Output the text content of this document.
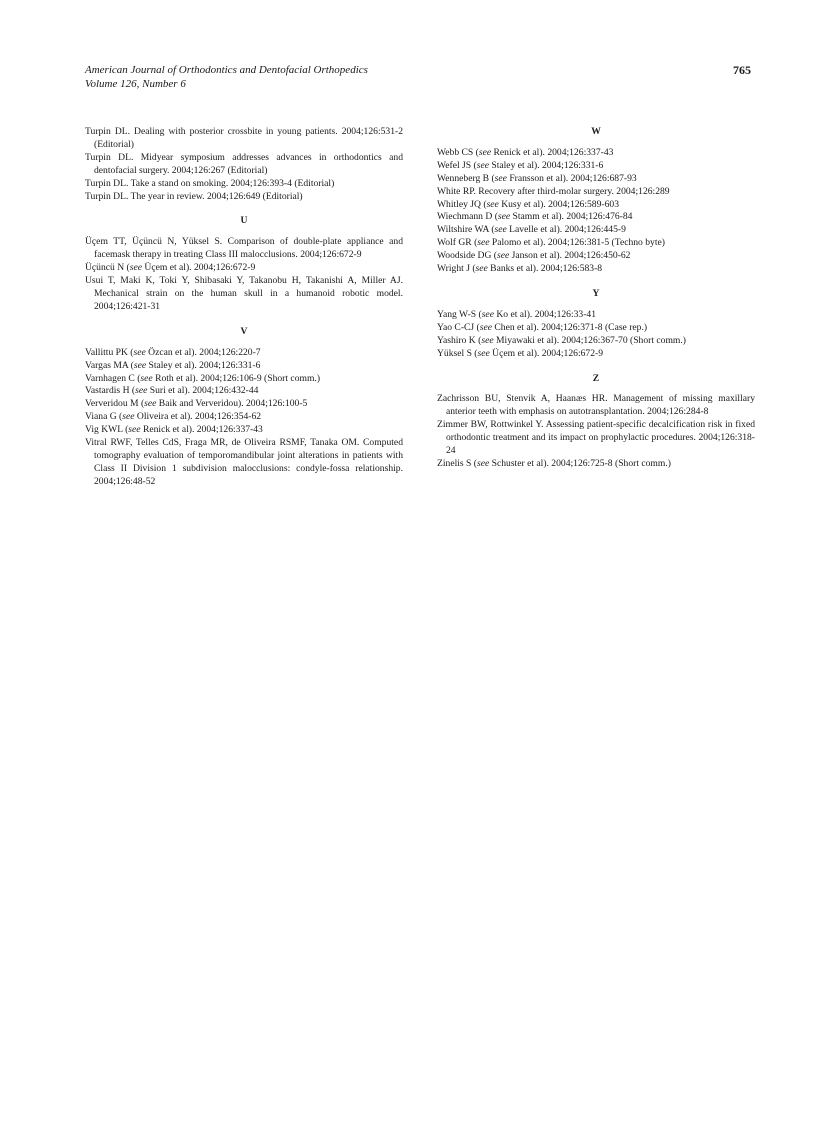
American Journal of Orthodontics and Dentofacial Orthopedics
Volume 126, Number 6
765

Turpin DL. Dealing with posterior crossbite in young patients. 2004;126:531-2 (Editorial)

Turpin DL. Midyear symposium addresses advances in orthodontics and dentofacial surgery. 2004;126:267 (Editorial)

Turpin DL. Take a stand on smoking. 2004;126:393-4 (Editorial)

Turpin DL. The year in review. 2004;126:649 (Editorial)

U

Üçem TT, Üçüncü N, Yüksel S. Comparison of double-plate appliance and facemask therapy in treating Class III malocclusions. 2004;126:672-9

Üçüncü N (see Üçem et al). 2004;126:672-9

Usui T, Maki K, Toki Y, Shibasaki Y, Takanobu H, Takanishi A, Miller AJ. Mechanical strain on the human skull in a humanoid robotic model. 2004;126:421-31

V

Vallittu PK (see Özcan et al). 2004;126:220-7

Vargas MA (see Staley et al). 2004;126:331-6

Varnhagen C (see Roth et al). 2004;126:106-9 (Short comm.)

Vastardis H (see Suri et al). 2004;126:432-44

Ververidou M (see Baik and Ververidou). 2004;126:100-5

Viana G (see Oliveira et al). 2004;126:354-62

Vig KWL (see Renick et al). 2004;126:337-43

Vitral RWF, Telles CdS, Fraga MR, de Oliveira RSMF, Tanaka OM. Computed tomography evaluation of temporomandibular joint alterations in patients with Class II Division 1 subdivision malocclusions: condyle-fossa relationship. 2004;126:48-52

W

Webb CS (see Renick et al). 2004;126:337-43

Wefel JS (see Staley et al). 2004;126:331-6

Wenneberg B (see Fransson et al). 2004;126:687-93

White RP. Recovery after third-molar surgery. 2004;126:289

Whitley JQ (see Kusy et al). 2004;126:589-603

Wiechmann D (see Stamm et al). 2004;126:476-84

Wiltshire WA (see Lavelle et al). 2004;126:445-9

Wolf GR (see Palomo et al). 2004;126:381-5 (Techno byte)

Woodside DG (see Janson et al). 2004;126:450-62

Wright J (see Banks et al). 2004;126:583-8

Y

Yang W-S (see Ko et al). 2004;126:33-41

Yao C-CJ (see Chen et al). 2004;126:371-8 (Case rep.)

Yashiro K (see Miyawaki et al). 2004;126:367-70 (Short comm.)

Yüksel S (see Üçem et al). 2004;126:672-9

Z

Zachrisson BU, Stenvik A, Haanæs HR. Management of missing maxillary anterior teeth with emphasis on autotransplantation. 2004;126:284-8

Zimmer BW, Rottwinkel Y. Assessing patient-specific decalcification risk in fixed orthodontic treatment and its impact on prophylactic procedures. 2004;126:318-24

Zinelis S (see Schuster et al). 2004;126:725-8 (Short comm.)
